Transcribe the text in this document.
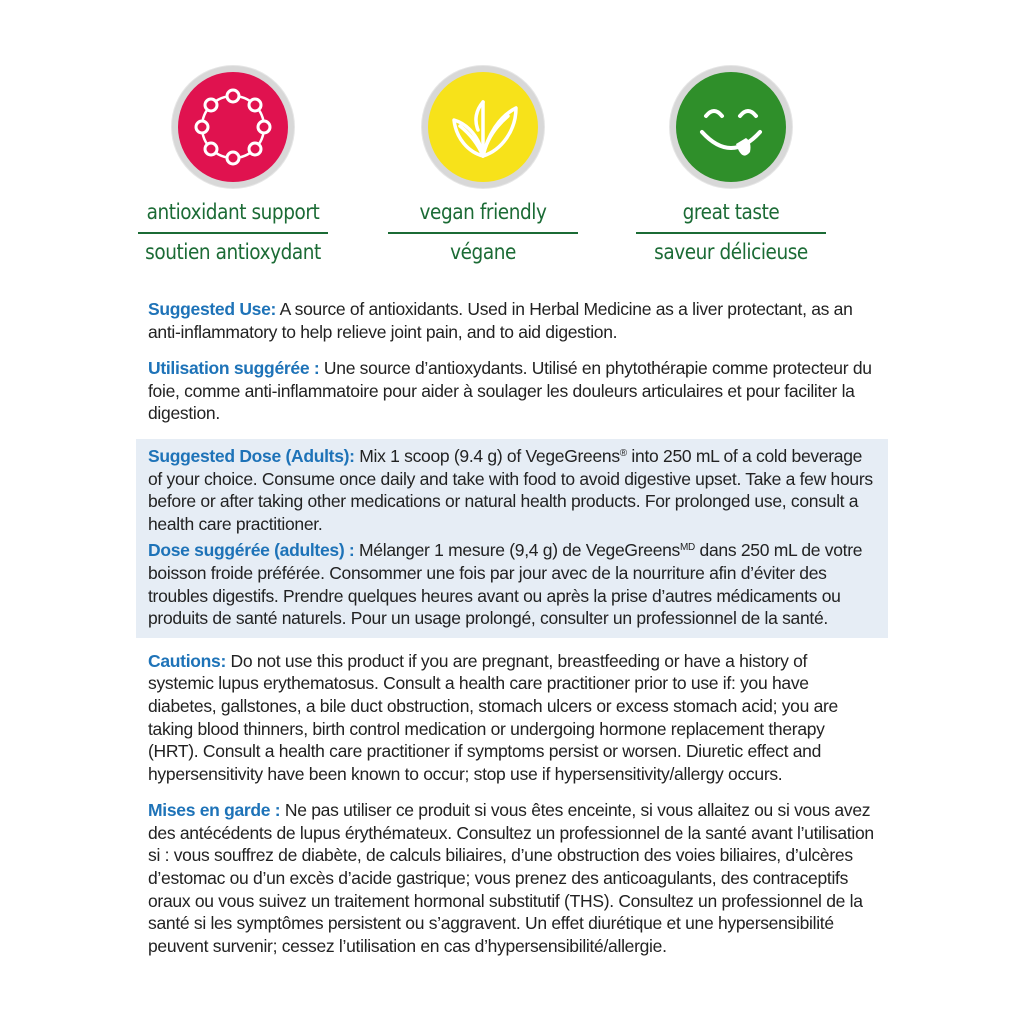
antioxidant support
soutien antioxydant
vegan friendly
végane
great taste
saveur délicieuse
Suggested Use: A source of antioxidants. Used in Herbal Medicine as a liver protectant, as an anti-inflammatory to help relieve joint pain, and to aid digestion.
Utilisation suggérée : Une source d’antioxydants. Utilisé en phytothérapie comme protecteur du foie, comme anti-inflammatoire pour aider à soulager les douleurs articulaires et pour faciliter la digestion.
Suggested Dose (Adults): Mix 1 scoop (9.4 g) of VegeGreens® into 250 mL of a cold beverage of your choice. Consume once daily and take with food to avoid digestive upset. Take a few hours before or after taking other medications or natural health products. For prolonged use, consult a health care practitioner.
Dose suggérée (adultes) : Mélanger 1 mesure (9,4 g) de VegeGreens$^{MD}$ dans 250 mL de votre boisson froide préférée. Consommer une fois par jour avec de la nourriture afin d’éviter des troubles digestifs. Prendre quelques heures avant ou après la prise d’autres médicaments ou produits de santé naturels. Pour un usage prolongé, consulter un professionnel de la santé.
Cautions: Do not use this product if you are pregnant, breastfeeding or have a history of systemic lupus erythematosus. Consult a health care practitioner prior to use if: you have diabetes, gallstones, a bile duct obstruction, stomach ulcers or excess stomach acid; you are taking blood thinners, birth control medication or undergoing hormone replacement therapy (HRT). Consult a health care practitioner if symptoms persist or worsen. Diuretic effect and hypersensitivity have been known to occur; stop use if hypersensitivity/allergy occurs.
Mises en garde : Ne pas utiliser ce produit si vous êtes enceinte, si vous allaitez ou si vous avez des antécédents de lupus érythémateux. Consultez un professionnel de la santé avant l’utilisation si : vous souffrez de diabète, de calculs biliaires, d’une obstruction des voies biliaires, d’ulcères d’estomac ou d’un excès d’acide gastrique; vous prenez des anticoagulants, des contraceptifs oraux ou vous suivez un traitement hormonal substitutif (THS). Consultez un professionnel de la santé si les symptômes persistent ou s’aggravent. Un effet diurétique et une hypersensibilité peuvent survenir; cessez l’utilisation en cas d’hypersensibilité/allergie.
